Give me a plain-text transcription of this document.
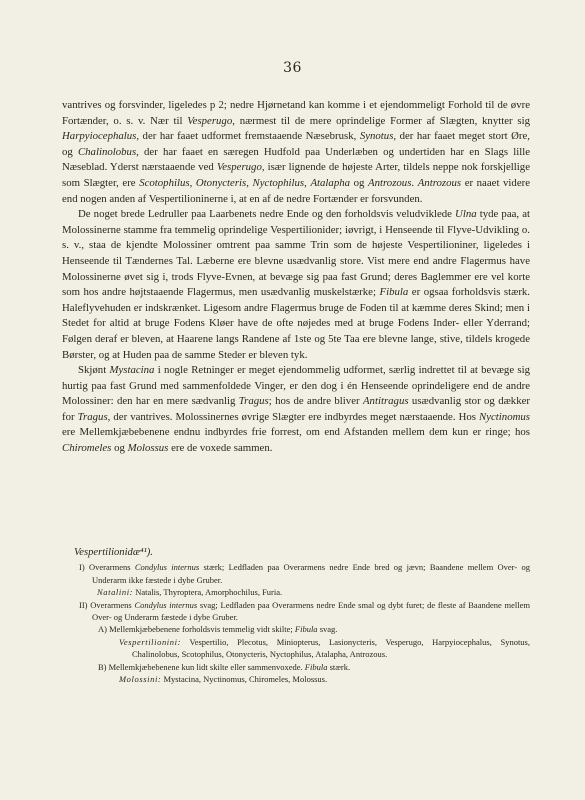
36

vantrives og forsvinder, ligeledes p 2; nedre Hjørnetand kan komme i et ejendommeligt Forhold til de øvre Fortænder, o. s. v. Nær til Vesperugo, nærmest til de mere oprindelige Former af Slægten, knytter sig Harpyiocephalus, der har faaet udformet fremstaaende Næsebrusk, Synotus, der har faaet meget stort Øre, og Chalinolobus, der har faaet en særegen Hudfold paa Underlæben og undertiden har en Slags lille Næseblad. Yderst nærstaaende ved Vesperugo, især lignende de højeste Arter, tildels neppe nok forskjellige som Slægter, ere Scotophilus, Otonycteris, Nyctophilus, Atalapha og Antrozous. Antrozous er naaet videre end nogen anden af Vespertilioninerne i, at en af de nedre Fortænder er forsvunden.

De noget brede Ledruller paa Laarbenets nedre Ende og den forholdsvis veludviklede Ulna tyde paa, at Molossinerne stamme fra temmelig oprindelige Vespertilionider; iøvrigt, i Henseende til Flyve-Udvikling o. s. v., staa de kjendte Molossiner omtrent paa samme Trin som de højeste Vespertilioniner, ligeledes i Henseende til Tændernes Tal. Læberne ere blevne usædvanlig store. Vist mere end andre Flagermus have Molossinerne øvet sig i, trods Flyve-Evnen, at bevæge sig paa fast Grund; deres Baglemmer ere vel korte som hos andre højtstaaende Flagermus, men usædvanlig muskelstærke; Fibula er ogsaa forholdsvis stærk. Haleflyvehuden er indskrænket. Ligesom andre Flagermus bruge de Foden til at kæmme deres Skind; men i Stedet for altid at bruge Fodens Kløer have de ofte nøjedes med at bruge Fodens Inder- eller Yderrand; Følgen deraf er bleven, at Haarene langs Randene af 1ste og 5te Taa ere blevne lange, stive, tildels krogede Børster, og at Huden paa de samme Steder er bleven tyk.

Skjønt Mystacina i nogle Retninger er meget ejendommelig udformet, særlig indrettet til at bevæge sig hurtig paa fast Grund med sammenfoldede Vinger, er den dog i én Henseende oprindeligere end de andre Molossiner: den har en mere sædvanlig Tragus; hos de andre bliver Antitragus usædvanlig stor og dækker for Tragus, der vantrives. Molossinernes øvrige Slægter ere indbyrdes meget nærstaaende. Hos Nyctinomus ere Mellemkjæbebenene endnu indbyrdes frie forrest, om end Afstanden mellem dem kun er ringe; hos Chiromeles og Molossus ere de voxede sammen.

Vespertilionidæ⁴¹).

I) Overarmens Condylus internus stærk; Ledfladen paa Overarmens nedre Ende bred og jævn; Baandene mellem Over- og Underarm ikke fæstede i dybe Gruber.

Natalini: Natalis, Thyroptera, Amorphochilus, Furia.

II) Overarmens Condylus internus svag; Ledfladen paa Overarmens nedre Ende smal og dybt furet; de fleste af Baandene mellem Over- og Underarm fæstede i dybe Gruber.

A) Mellemkjæbebenene forholdsvis temmelig vidt skilte; Fibula svag.

Vespertilionini: Vespertilio, Plecotus, Miniopterus, Lasionycteris, Vesperugo, Harpyiocephalus, Synotus, Chalinolobus, Scotophilus, Otonycteris, Nyctophilus, Atalapha, Antrozous.

B) Mellemkjæbebenene kun lidt skilte eller sammenvoxede. Fibula stærk.

Molossini: Mystacina, Nyctinomus, Chiromeles, Molossus.
